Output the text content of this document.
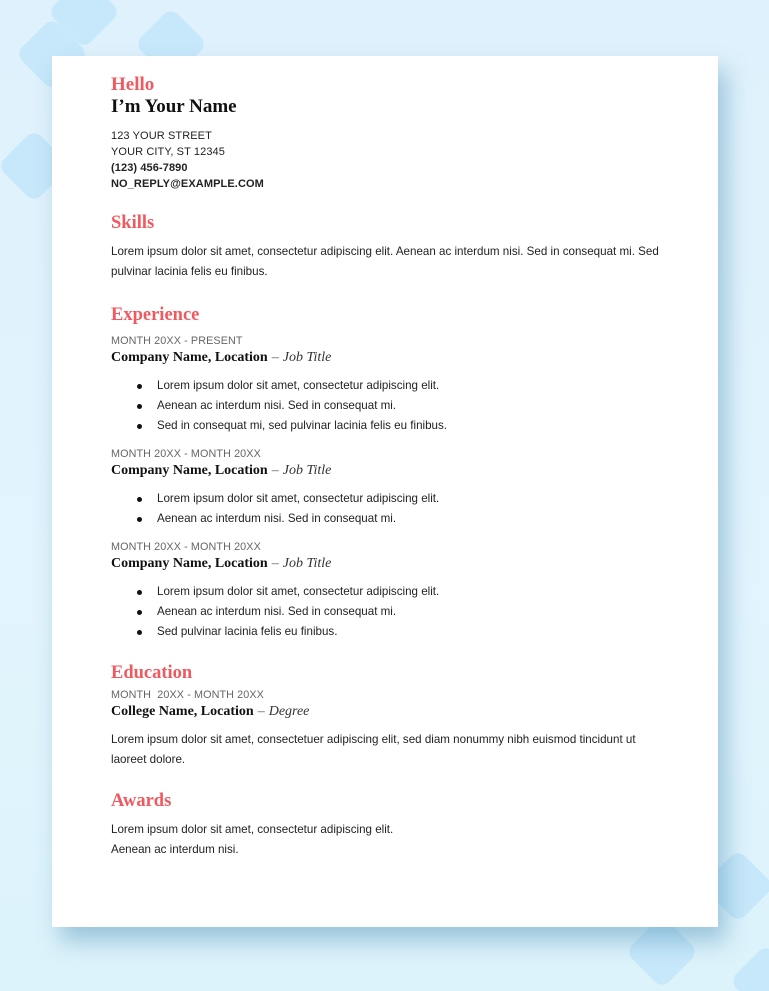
Hello
I’m Your Name
123 YOUR STREET
YOUR CITY, ST 12345
(123) 456-7890
NO_REPLY@EXAMPLE.COM
Skills
Lorem ipsum dolor sit amet, consectetur adipiscing elit. Aenean ac interdum nisi. Sed in consequat mi. Sed pulvinar lacinia felis eu finibus.
Experience
MONTH 20XX - PRESENT
Company Name, Location – Job Title
Lorem ipsum dolor sit amet, consectetur adipiscing elit.
Aenean ac interdum nisi. Sed in consequat mi.
Sed in consequat mi, sed pulvinar lacinia felis eu finibus.
MONTH 20XX - MONTH 20XX
Company Name, Location – Job Title
Lorem ipsum dolor sit amet, consectetur adipiscing elit.
Aenean ac interdum nisi. Sed in consequat mi.
MONTH 20XX - MONTH 20XX
Company Name, Location – Job Title
Lorem ipsum dolor sit amet, consectetur adipiscing elit.
Aenean ac interdum nisi. Sed in consequat mi.
Sed pulvinar lacinia felis eu finibus.
Education
MONTH  20XX - MONTH 20XX
College Name, Location – Degree
Lorem ipsum dolor sit amet, consectetuer adipiscing elit, sed diam nonummy nibh euismod tincidunt ut laoreet dolore.
Awards
Lorem ipsum dolor sit amet, consectetur adipiscing elit.
Aenean ac interdum nisi.
